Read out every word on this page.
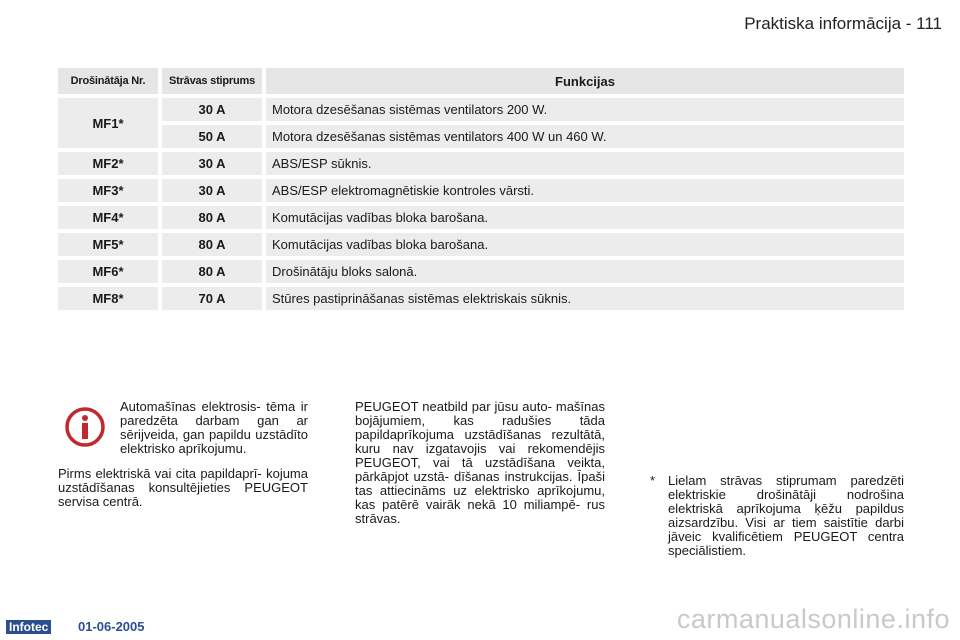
Praktiska informācija - 111
Drošinātāja Nr.	Strāvas stiprums	Funkcijas
MF1*
30 A	Motora dzesēšanas sistēmas ventilators 200 W.
50 A	Motora dzesēšanas sistēmas ventilators 400 W un 460 W.
MF2*	30 A	ABS/ESP sūknis.
MF3*	30 A	ABS/ESP elektromagnētiskie kontroles vārsti.
MF4*	80 A	Komutācijas vadības bloka barošana.
MF5*	80 A	Komutācijas vadības bloka barošana.
MF6*	80 A	Drošinātāju bloks salonā.
MF8*	70 A	Stūres pastiprināšanas sistēmas elektriskais sūknis.
Automašīnas elektrosis- tēma ir paredzēta darbam gan ar sērijveida, gan papildu uzstādīto elektrisko aprīkojumu.
Pirms elektriskā vai cita papildaprī- kojuma uzstādīšanas konsultējieties PEUGEOT servisa centrā.
PEUGEOT neatbild par jūsu auto- mašīnas bojājumiem, kas radušies tāda papildaprīkojuma uzstādīšanas rezultātā, kuru nav izgatavojis vai rekomendējis PEUGEOT, vai tā uzstādīšana veikta, pārkāpjot uzstā- dīšanas instrukcijas. Īpaši tas attiecināms uz elektrisko aprīkojumu, kas patērē vairāk nekā 10 miliampē- rus strāvas.
* Lielam strāvas stiprumam paredzēti elektriskie drošinātāji nodrošina elektriskā aprīkojuma ķēžu papildus aizsardzību. Visi ar tiem saistītie darbi jāveic kvalificētiem PEUGEOT centra speciālistiem.
Infotec 01-06-2005	carmanualsonline.info
